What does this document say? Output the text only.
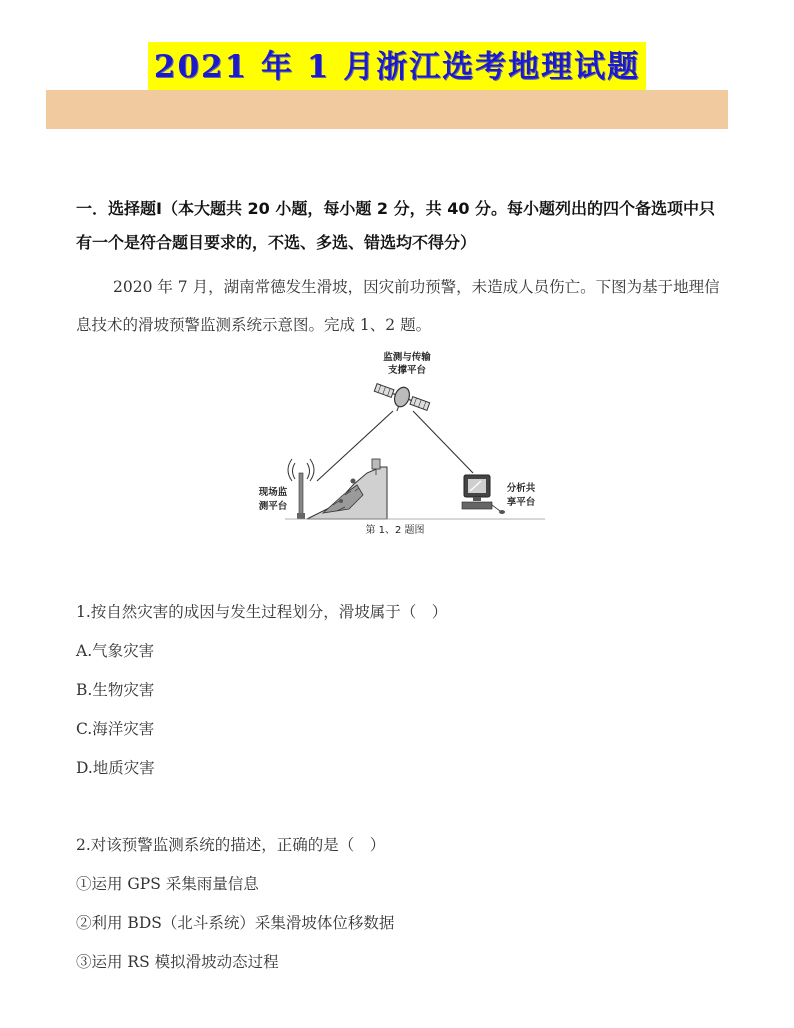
2021 年 1 月浙江选考地理试题
一．选择题Ⅰ（本大题共 20 小题，每小题 2 分，共 40 分。每小题列出的四个备选项中只有一个是符合题目要求的，不选、多选、错选均不得分）
2020 年 7 月，湖南常德发生滑坡，因灾前功预警，未造成人员伤亡。下图为基于地理信息技术的滑坡预警监测系统示意图。完成 1、2 题。
监测与传输
支撑平台
现场监
测平台
分析共
享平台
第 1、2 题图
1.按自然灾害的成因与发生过程划分，滑坡属于（　）
A.气象灾害
B.生物灾害
C.海洋灾害
D.地质灾害
2.对该预警监测系统的描述，正确的是（　）
①运用 GPS 采集雨量信息
②利用 BDS（北斗系统）采集滑坡体位移数据
③运用 RS 模拟滑坡动态过程
